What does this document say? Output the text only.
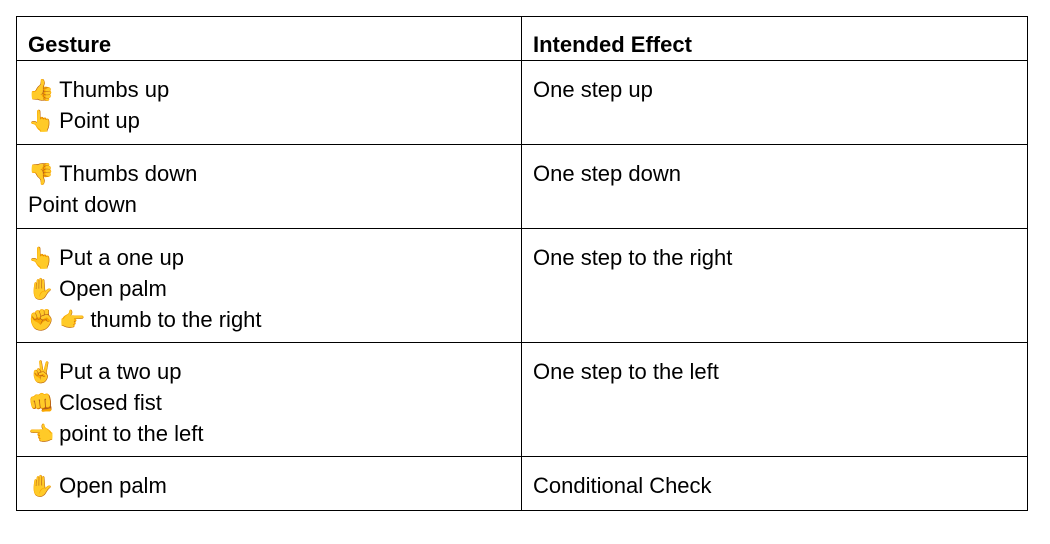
Gesture	Intended Effect

👍 Thumbs up
👆 Point up	One step up

👎 Thumbs down
Point down	One step down

👆 Put a one up
✋ Open palm
✊ 👉 thumb to the right	One step to the right

✌️ Put a two up
👊 Closed fist
👈 point to the left	One step to the left

✋ Open palm	Conditional Check
